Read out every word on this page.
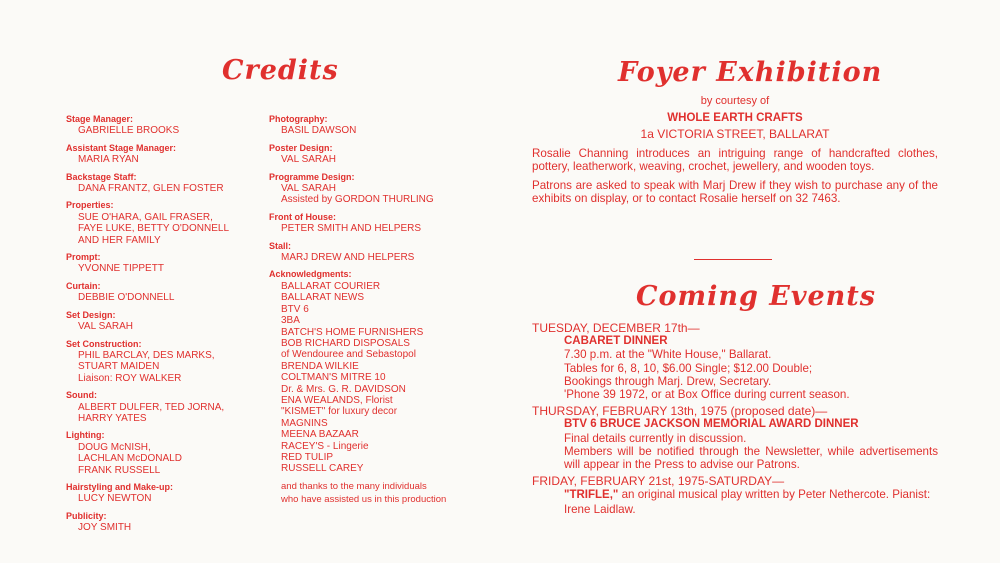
Credits
Stage Manager:
GABRIELLE BROOKS
Assistant Stage Manager:
MARIA RYAN
Backstage Staff:
DANA FRANTZ, GLEN FOSTER
Properties:
SUE O'HARA, GAIL FRASER,
FAYE LUKE, BETTY O'DONNELL
AND HER FAMILY
Prompt:
YVONNE TIPPETT
Curtain:
DEBBIE O'DONNELL
Set Design:
VAL SARAH
Set Construction:
PHIL BARCLAY, DES MARKS,
STUART MAIDEN
Liaison: ROY WALKER
Sound:
ALBERT DULFER, TED JORNA,
HARRY YATES
Lighting:
DOUG McNISH,
LACHLAN McDONALD
FRANK RUSSELL
Hairstyling and Make-up:
LUCY NEWTON
Publicity:
JOY SMITH
Photography:
BASIL DAWSON
Poster Design:
VAL SARAH
Programme Design:
VAL SARAH
Assisted by GORDON THURLING
Front of House:
PETER SMITH AND HELPERS
Stall:
MARJ DREW AND HELPERS
Acknowledgments:
BALLARAT COURIER
BALLARAT NEWS
BTV 6
3BA
BATCH'S HOME FURNISHERS
BOB RICHARD DISPOSALS
of Wendouree and Sebastopol
BRENDA WILKIE
COLTMAN'S MITRE 10
Dr. & Mrs. G. R. DAVIDSON
ENA WEALANDS, Florist
"KISMET" for luxury decor
MAGNINS
MEENA BAZAAR
RACEY'S - Lingerie
RED TULIP
RUSSELL CAREY
and thanks to the many individuals
who have assisted us in this production
Foyer Exhibition
by courtesy of
WHOLE EARTH CRAFTS
1a VICTORIA STREET, BALLARAT

Rosalie Channing introduces an intriguing range of handcrafted clothes, pottery, leatherwork, weaving, crochet, jewellery, and wooden toys.

Patrons are asked to speak with Marj Drew if they wish to purchase any of the exhibits on display, or to contact Rosalie herself on 32 7463.

Coming Events
TUESDAY, DECEMBER 17th—
CABARET DINNER
7.30 p.m. at the "White House," Ballarat.
Tables for 6, 8, 10, $6.00 Single; $12.00 Double;
Bookings through Marj. Drew, Secretary.
'Phone 39 1972, or at Box Office during current season.
THURSDAY, FEBRUARY 13th, 1975 (proposed date)—
BTV 6 BRUCE JACKSON MEMORIAL AWARD DINNER
Final details currently in discussion.
Members will be notified through the Newsletter, while advertisements will appear in the Press to advise our Patrons.
FRIDAY, FEBRUARY 21st, 1975-SATURDAY—
"TRIFLE," an original musical play written by Peter Nethercote. Pianist: Irene Laidlaw.
